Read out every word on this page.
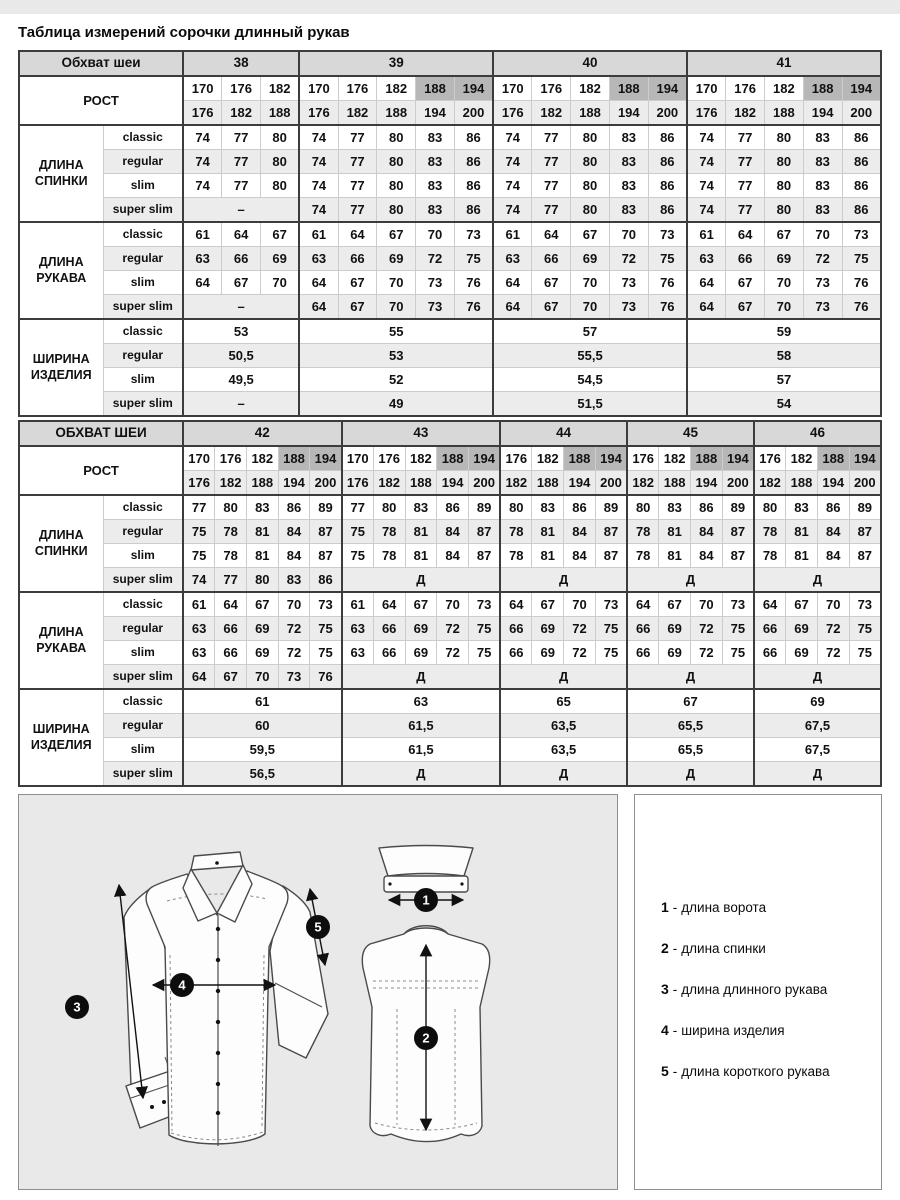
Таблица измерений сорочки длинный рукав
Обхват шеи		38			39					40					41				
РОСТ		170	176	182	170	176	182	188	194	170	176	182	188	194	170	176	182	188	194
		176	182	188	176	182	188	194	200	176	182	188	194	200	176	182	188	194	200
ДЛИНА СПИНКИ	classic	74	77	80	74	77	80	83	86	74	77	80	83	86	74	77	80	83	86
	regular	74	77	80	74	77	80	83	86	74	77	80	83	86	74	77	80	83	86
	slim	74	77	80	74	77	80	83	86	74	77	80	83	86	74	77	80	83	86
	super slim	–			74	77	80	83	86	74	77	80	83	86	74	77	80	83	86
ДЛИНА РУКАВА	classic	61	64	67	61	64	67	70	73	61	64	67	70	73	61	64	67	70	73
	regular	63	66	69	63	66	69	72	75	63	66	69	72	75	63	66	69	72	75
	slim	64	67	70	64	67	70	73	76	64	67	70	73	76	64	67	70	73	76
	super slim	–			64	67	70	73	76	64	67	70	73	76	64	67	70	73	76
ШИРИНА ИЗДЕЛИЯ	classic	53			55					57					59				
	regular	50,5			53					55,5					58				
	slim	49,5			52					54,5					57				
	super slim	–			49					51,5					54				
ОБХВАТ ШЕИ		42					43					44				45				46			
РОСТ		170	176	182	188	194	170	176	182	188	194	176	182	188	194	176	182	188	194	176	182	188	194
		176	182	188	194	200	176	182	188	194	200	182	188	194	200	182	188	194	200	182	188	194	200
ДЛИНА СПИНКИ	classic	77	80	83	86	89	77	80	83	86	89	80	83	86	89	80	83	86	89	80	83	86	89
	regular	75	78	81	84	87	75	78	81	84	87	78	81	84	87	78	81	84	87	78	81	84	87
	slim	75	78	81	84	87	75	78	81	84	87	78	81	84	87	78	81	84	87	78	81	84	87
	super slim	74	77	80	83	86	Д					Д				Д				Д			
ДЛИНА РУКАВА	classic	61	64	67	70	73	61	64	67	70	73	64	67	70	73	64	67	70	73	64	67	70	73
	regular	63	66	69	72	75	63	66	69	72	75	66	69	72	75	66	69	72	75	66	69	72	75
	slim	63	66	69	72	75	63	66	69	72	75	66	69	72	75	66	69	72	75	66	69	72	75
	super slim	64	67	70	73	76	Д					Д				Д				Д			
ШИРИНА ИЗДЕЛИЯ	classic	61					63					65				67				69			
	regular	60					61,5					63,5				65,5				67,5			
	slim	59,5					61,5					63,5				65,5				67,5			
	super slim	56,5					Д					Д				Д				Д			
1
2
3
4
5
1 - длина ворота
2 - длина спинки
3 - длина длинного рукава
4 - ширина изделия
5 - длина короткого рукава
